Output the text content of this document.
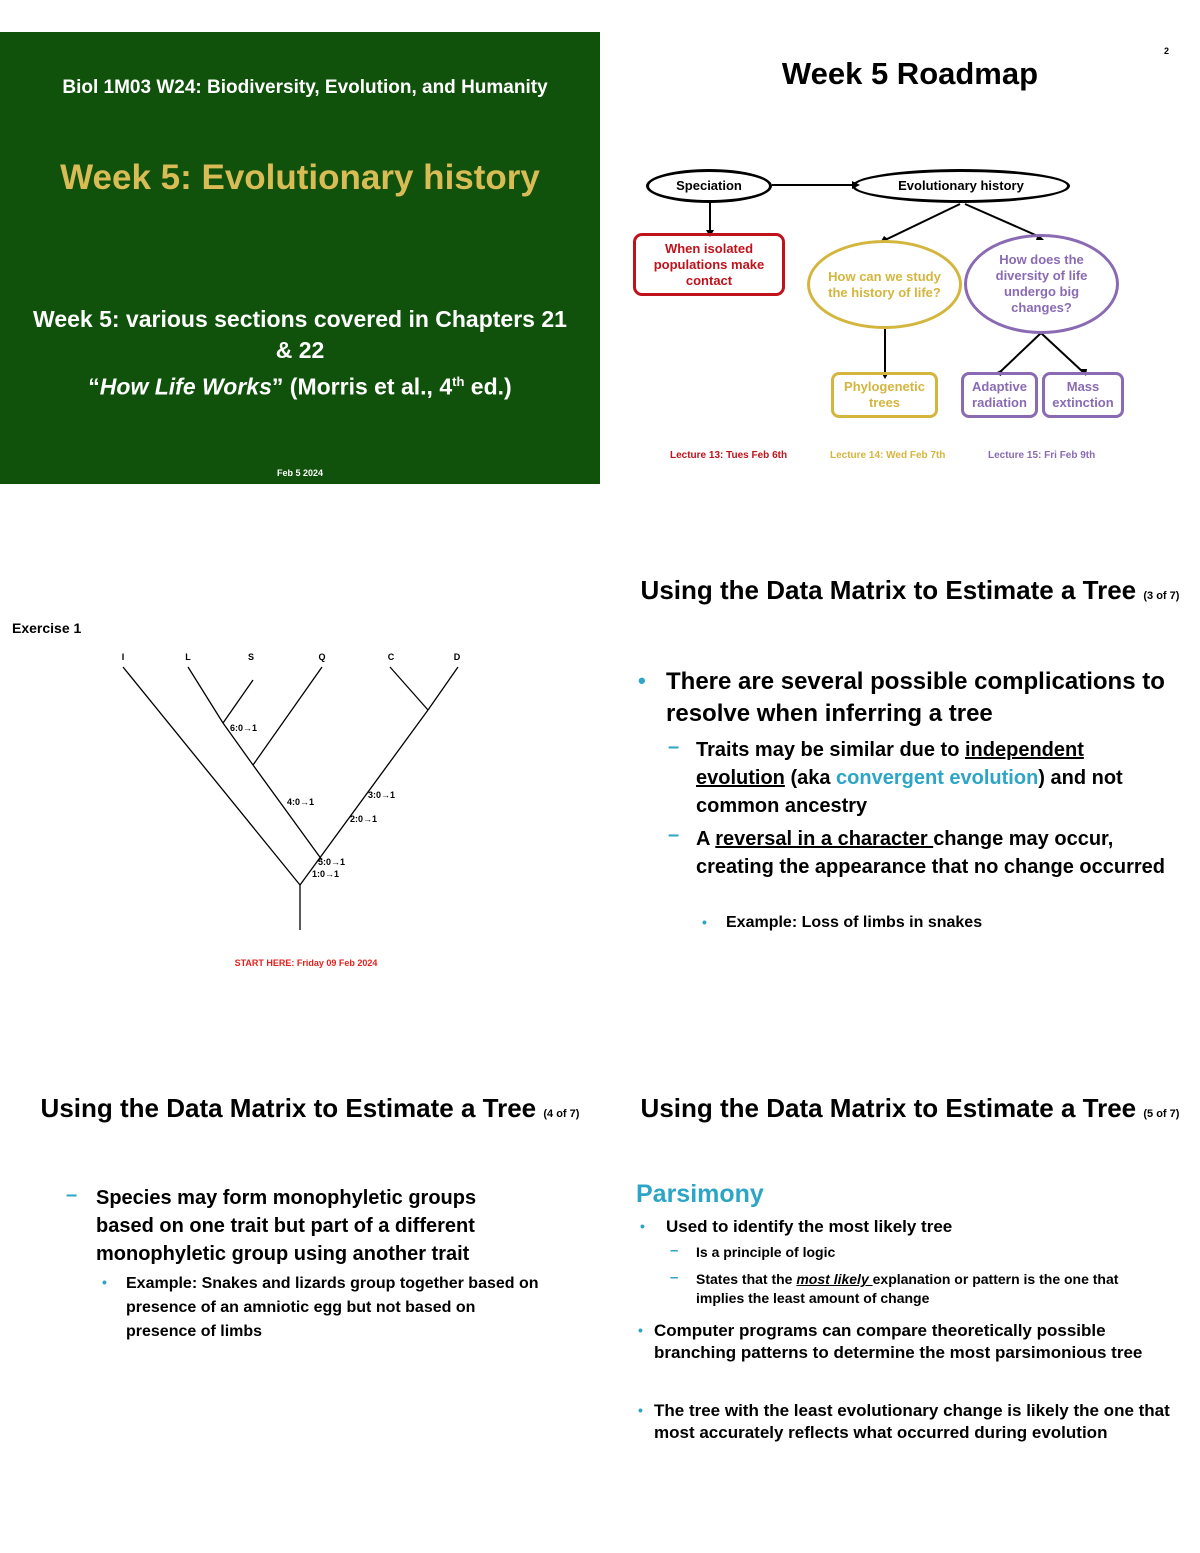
Biol 1M03 W24: Biodiversity, Evolution, and Humanity
Week 5: Evolutionary history
Week 5: various sections covered in Chapters 21 & 22
“How Life Works” (Morris et al., 4th ed.)
Feb 5 2024
2
Week 5 Roadmap
Speciation	Evolutionary history
When isolated populations make contact	How can we study the history of life?
How does the diversity of life undergo big changes?
Phylogenetic trees
Adaptive radiation
Mass extinction
Lecture 13: Tues Feb 6th	Lecture 14: Wed Feb 7th	Lecture 15: Fri Feb 9th
Exercise 1
I	L	S	Q	C	D
6:0→1
4:0→1
3:0→1
2:0→1
5:0→1
1:0→1
START HERE: Friday 09 Feb 2024
Using the Data Matrix to Estimate a Tree (3 of 7)
• There are several possible complications to resolve when inferring a tree
– Traits may be similar due to independent evolution (aka convergent evolution) and not common ancestry
– A reversal in a character change may occur, creating the appearance that no change occurred
• Example: Loss of limbs in snakes
Using the Data Matrix to Estimate a Tree (4 of 7)
– Species may form monophyletic groups based on one trait but part of a different monophyletic group using another trait
• Example: Snakes and lizards group together based on presence of an amniotic egg but not based on presence of limbs
Using the Data Matrix to Estimate a Tree (5 of 7)
Parsimony
• Used to identify the most likely tree
– Is a principle of logic
– States that the most likely explanation or pattern is the one that implies the least amount of change
• Computer programs can compare theoretically possible branching patterns to determine the most parsimonious tree
• The tree with the least evolutionary change is likely the one that most accurately reflects what occurred during evolution
